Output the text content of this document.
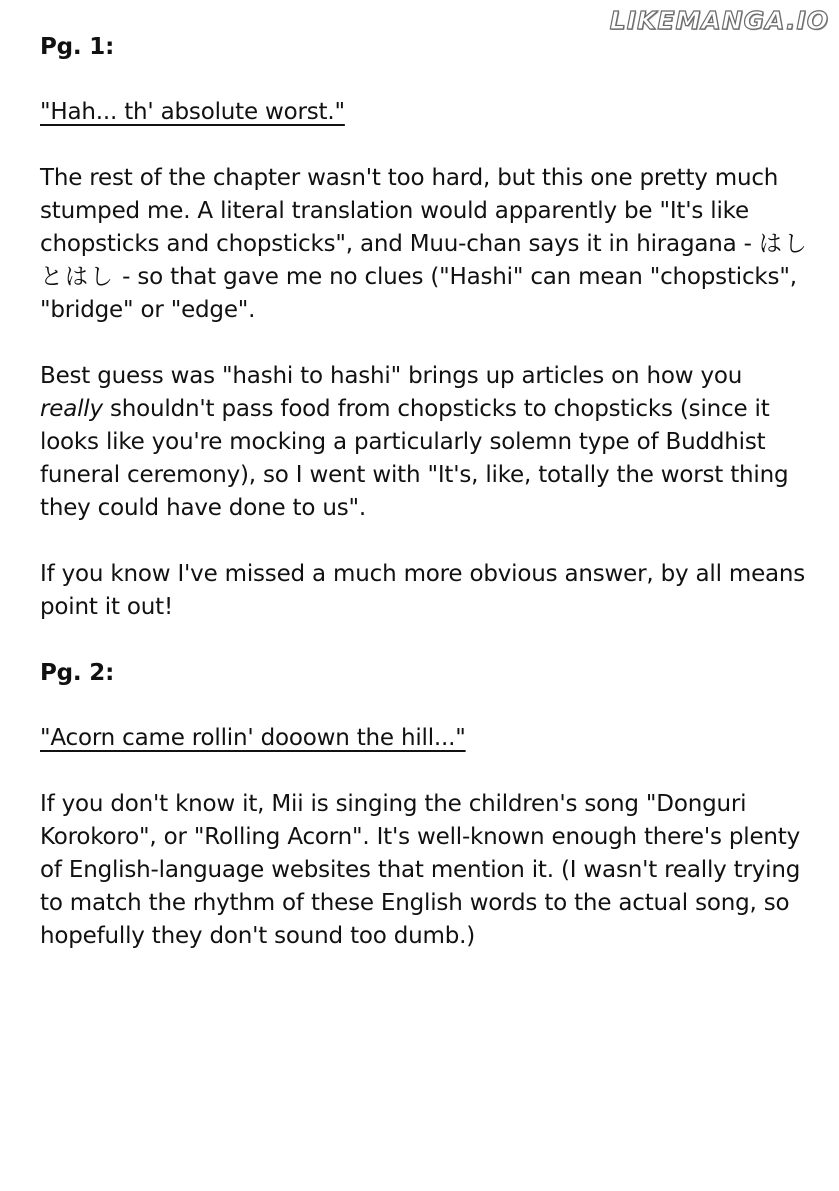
LIKEMANGA.IO

Pg. 1:

"Hah... th' absolute worst."

The rest of the chapter wasn't too hard, but this one pretty much stumped me. A literal translation would apparently be "It's like chopsticks and chopsticks", and Muu-chan says it in hiragana - はしとはし - so that gave me no clues ("Hashi" can mean "chopsticks", "bridge" or "edge".

Best guess was "hashi to hashi" brings up articles on how you really shouldn't pass food from chopsticks to chopsticks (since it looks like you're mocking a particularly solemn type of Buddhist funeral ceremony), so I went with "It's, like, totally the worst thing they could have done to us".

If you know I've missed a much more obvious answer, by all means point it out!

Pg. 2:

"Acorn came rollin' dooown the hill..."

If you don't know it, Mii is singing the children's song "Donguri Korokoro", or "Rolling Acorn". It's well-known enough there's plenty of English-language websites that mention it. (I wasn't really trying to match the rhythm of these English words to the actual song, so hopefully they don't sound too dumb.)
